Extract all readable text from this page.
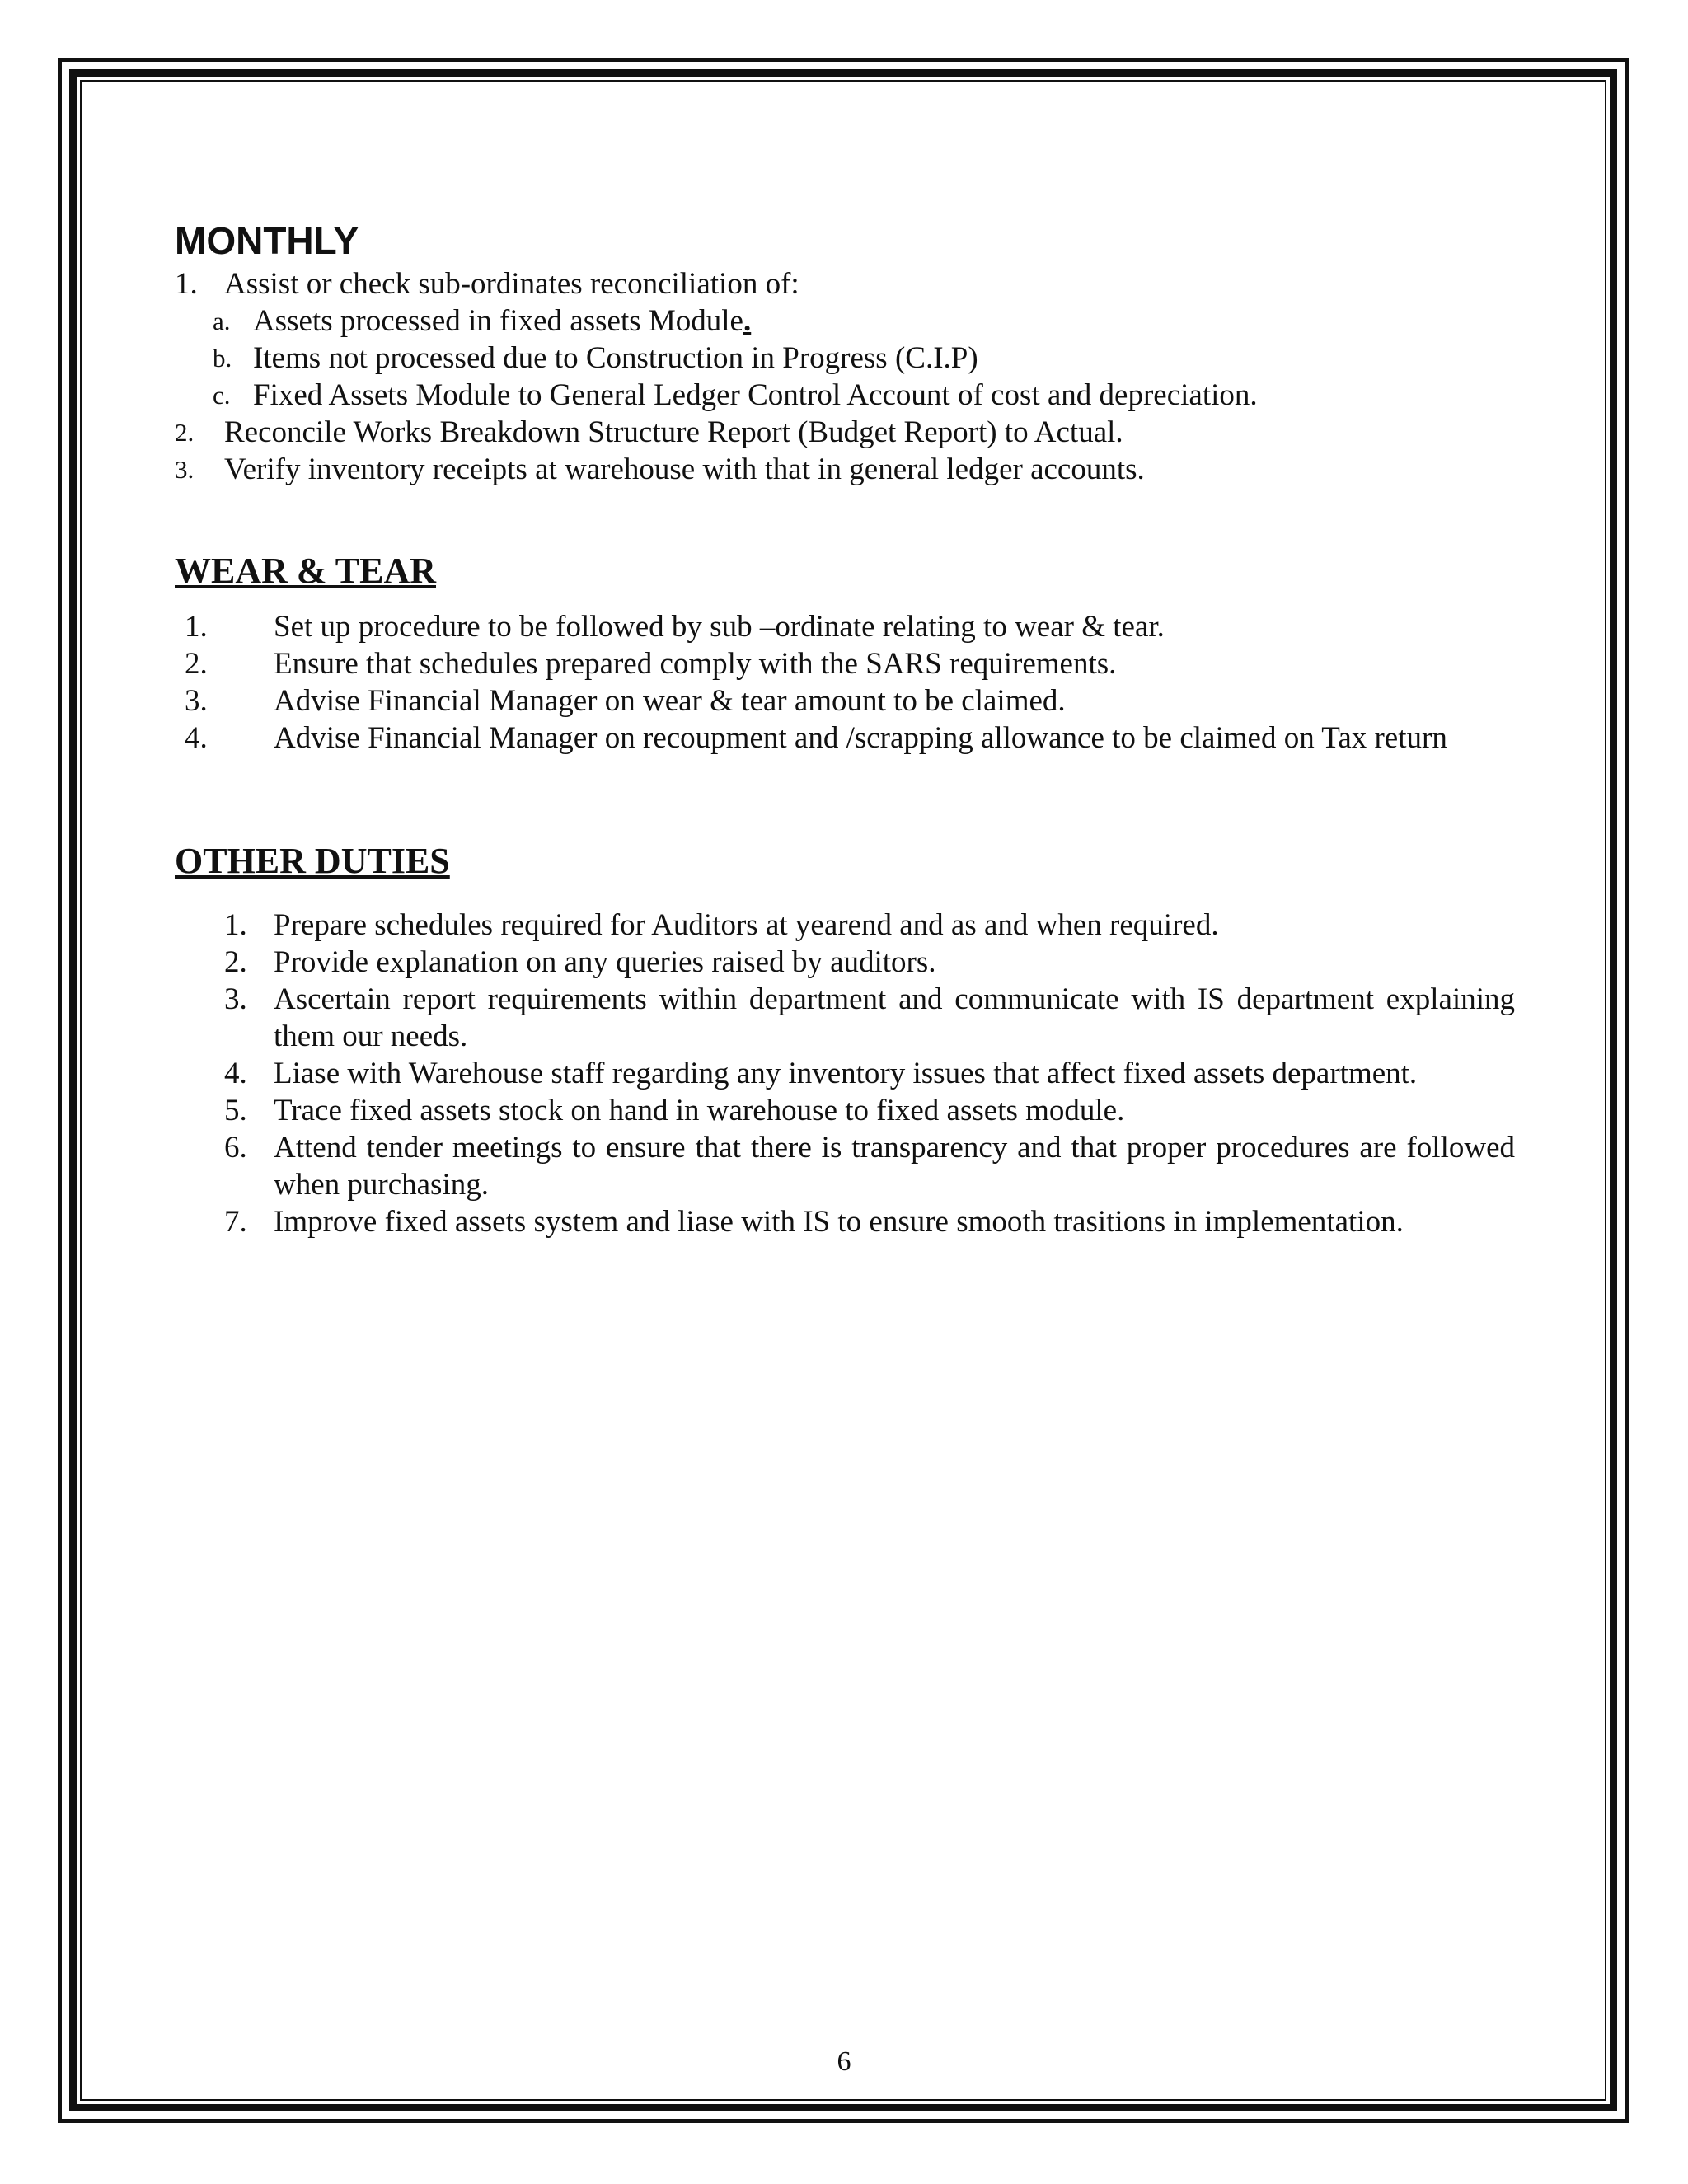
MONTHLY
1. Assist or check sub-ordinates reconciliation of:
a. Assets processed in fixed assets Module.
b. Items not processed due to Construction in Progress (C.I.P)
c. Fixed Assets Module to General Ledger Control Account of cost and depreciation.
2. Reconcile Works Breakdown Structure Report (Budget Report) to Actual.
3. Verify inventory receipts at warehouse with that in general ledger accounts.
WEAR & TEAR
1. Set up procedure to be followed by sub –ordinate relating to wear & tear.
2. Ensure that schedules prepared comply with the SARS requirements.
3. Advise Financial Manager on wear & tear amount to be claimed.
4. Advise Financial Manager on recoupment and /scrapping allowance to be claimed on Tax return
OTHER DUTIES
1. Prepare schedules required for Auditors at yearend and as and when required.
2. Provide explanation on any queries raised by auditors.
3. Ascertain report requirements within department and communicate with IS department explaining them our needs.
4. Liase with Warehouse staff regarding any inventory issues that affect fixed assets department.
5. Trace fixed assets stock on hand in warehouse to fixed assets module.
6. Attend tender meetings to ensure that there is transparency and that proper procedures are followed when purchasing.
7. Improve fixed assets system and liase with IS to ensure smooth trasitions in implementation.
6
